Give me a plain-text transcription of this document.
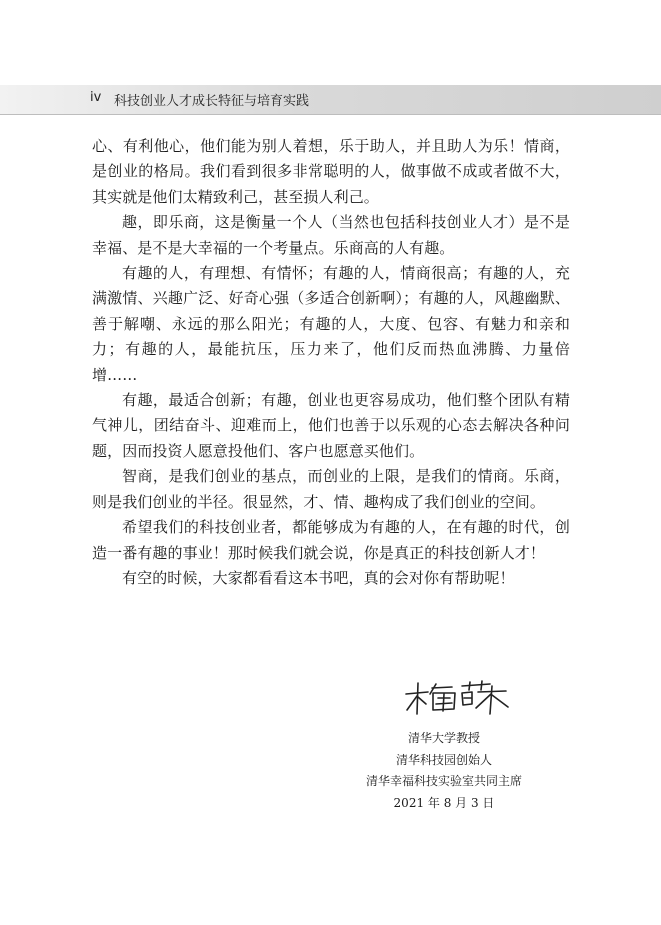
iv 科技创业人才成长特征与培育实践

心、有利他心，他们能为别人着想，乐于助人，并且助人为乐！情商，是创业的格局。我们看到很多非常聪明的人，做事做不成或者做不大，其实就是他们太精致利己，甚至损人利己。

趣，即乐商，这是衡量一个人（当然也包括科技创业人才）是不是幸福、是不是大幸福的一个考量点。乐商高的人有趣。

有趣的人，有理想、有情怀；有趣的人，情商很高；有趣的人，充满激情、兴趣广泛、好奇心强（多适合创新啊）；有趣的人，风趣幽默、善于解嘲、永远的那么阳光；有趣的人，大度、包容、有魅力和亲和力；有趣的人，最能抗压，压力来了，他们反而热血沸腾、力量倍增……

有趣，最适合创新；有趣，创业也更容易成功，他们整个团队有精气神儿，团结奋斗、迎难而上，他们也善于以乐观的心态去解决各种问题，因而投资人愿意投他们、客户也愿意买他们。

智商，是我们创业的基点，而创业的上限，是我们的情商。乐商，则是我们创业的半径。很显然，才、情、趣构成了我们创业的空间。

希望我们的科技创业者，都能够成为有趣的人，在有趣的时代，创造一番有趣的事业！那时候我们就会说，你是真正的科技创新人才！

有空的时候，大家都看看这本书吧，真的会对你有帮助呢！

清华大学教授
清华科技园创始人
清华幸福科技实验室共同主席
2021 年 8 月 3 日
